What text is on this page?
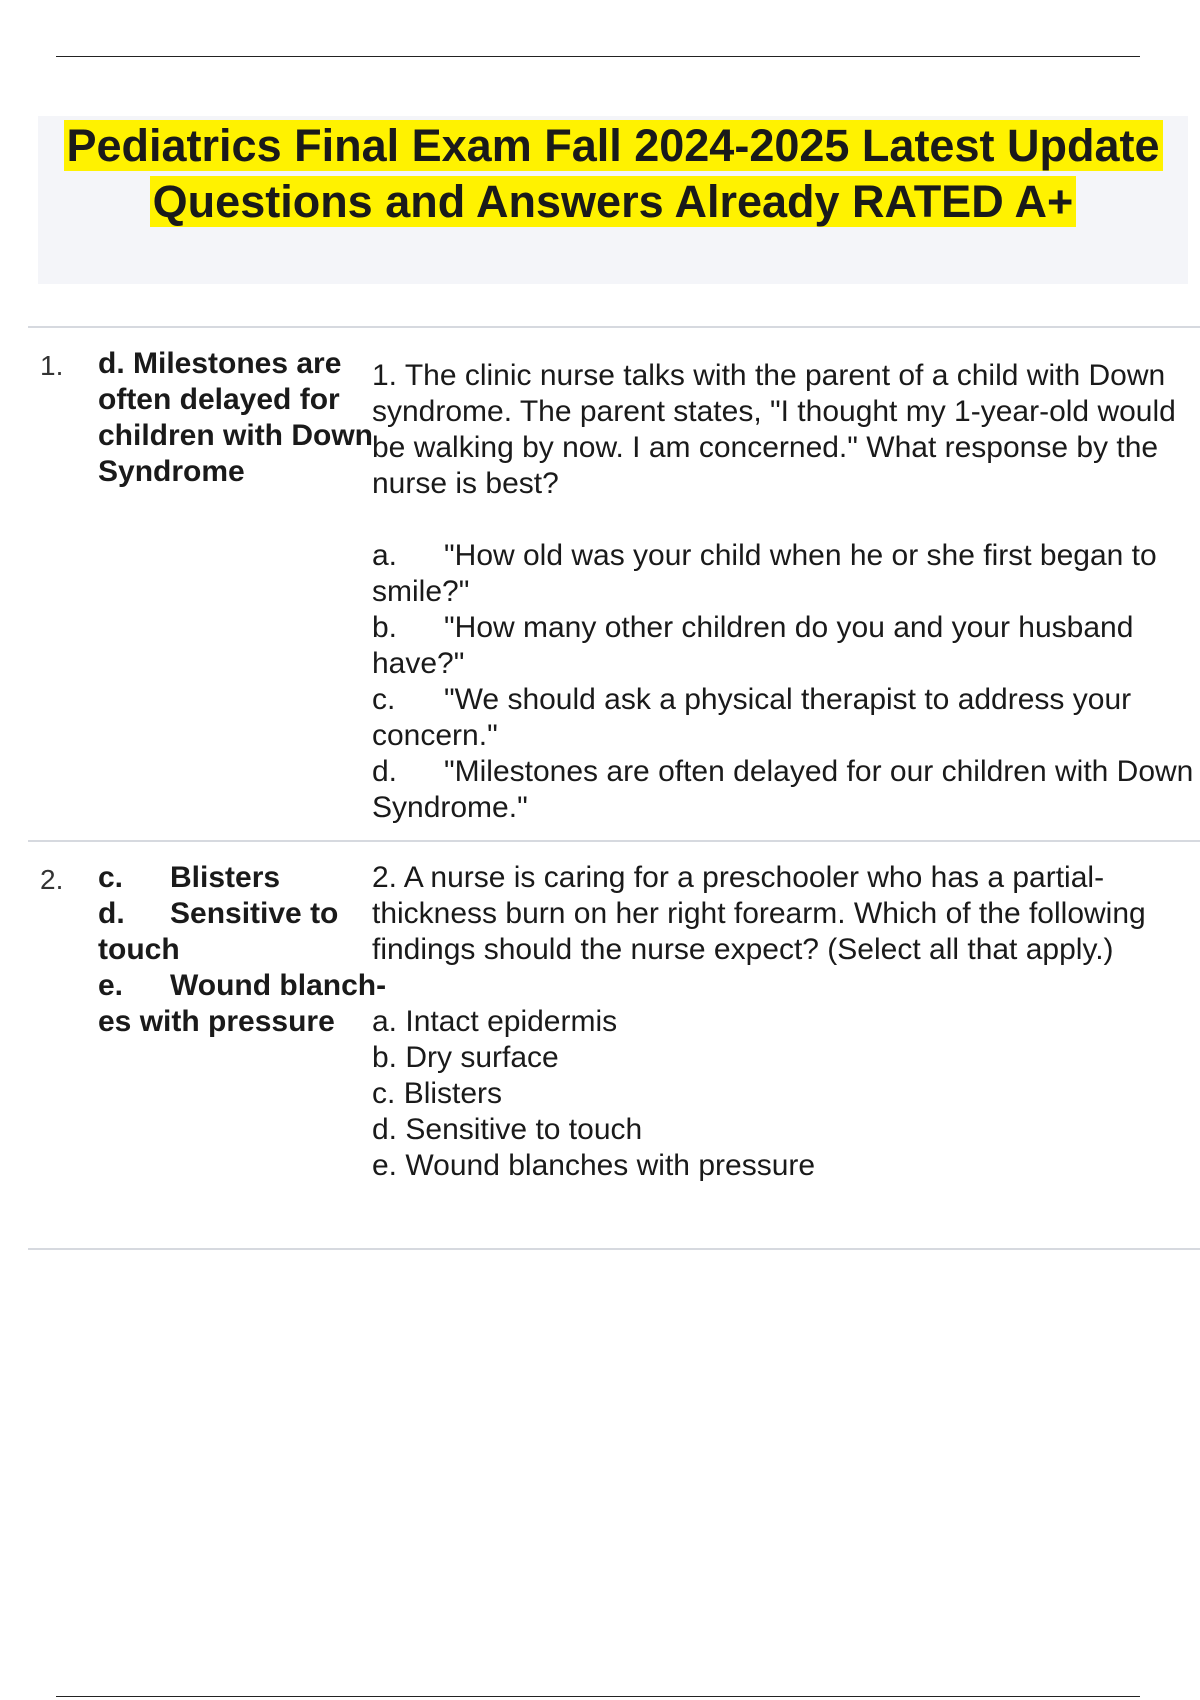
Pediatrics Final Exam Fall 2024-2025 Latest Update Questions and Answers Already RATED A+
1. d. Milestones are often delayed for children with Down Syndrome
1. The clinic nurse talks with the parent of a child with Down syndrome. The parent states, "I thought my 1-year-old would be walking by now. I am concerned." What response by the nurse is best?
a. "How old was your child when he or she first began to smile?"
b. "How many other children do you and your husband have?"
c. "We should ask a physical therapist to address your concern."
d. "Milestones are often delayed for our children with Down Syndrome."
2. c. Blisters
d. Sensitive to touch
e. Wound blanch-es with pressure
2. A nurse is caring for a preschooler who has a partial-thickness burn on her right forearm. Which of the following findings should the nurse expect? (Select all that apply.)
a. Intact epidermis
b. Dry surface
c. Blisters
d. Sensitive to touch
e. Wound blanches with pressure
